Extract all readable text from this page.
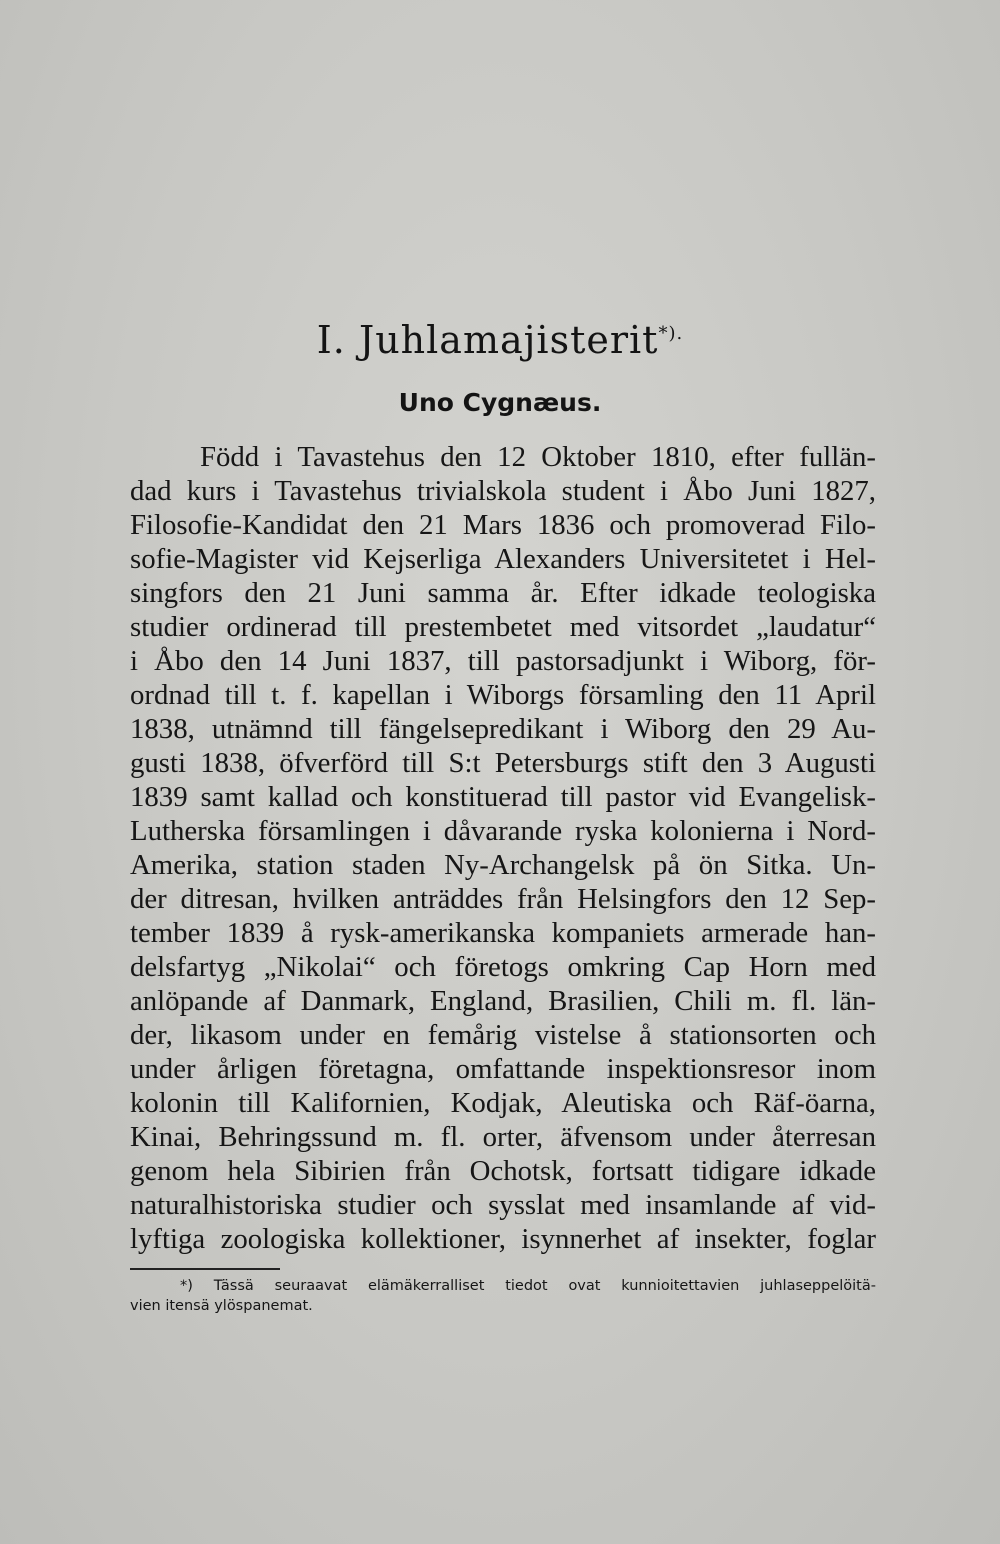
I. Juhlamajisterit*).
Uno Cygnæus.
Född i Tavastehus den 12 Oktober 1810, efter fullän-
dad kurs i Tavastehus trivialskola student i Åbo Juni 1827,
Filosofie-Kandidat den 21 Mars 1836 och promoverad Filo-
sofie-Magister vid Kejserliga Alexanders Universitetet i Hel-
singfors den 21 Juni samma år. Efter idkade teologiska
studier ordinerad till prestembetet med vitsordet „laudatur“
i Åbo den 14 Juni 1837, till pastorsadjunkt i Wiborg, för-
ordnad till t. f. kapellan i Wiborgs församling den 11 April
1838, utnämnd till fängelsepredikant i Wiborg den 29 Au-
gusti 1838, öfverförd till S:t Petersburgs stift den 3 Augusti
1839 samt kallad och konstituerad till pastor vid Evangelisk-
Lutherska församlingen i dåvarande ryska kolonierna i Nord-
Amerika, station staden Ny-Archangelsk på ön Sitka. Un-
der ditresan, hvilken anträddes från Helsingfors den 12 Sep-
tember 1839 å rysk-amerikanska kompaniets armerade han-
delsfartyg „Nikolai“ och företogs omkring Cap Horn med
anlöpande af Danmark, England, Brasilien, Chili m. fl. län-
der, likasom under en femårig vistelse å stationsorten och
under årligen företagna, omfattande inspektionsresor inom
kolonin till Kalifornien, Kodjak, Aleutiska och Räf-öarna,
Kinai, Behringssund m. fl. orter, äfvensom under återresan
genom hela Sibirien från Ochotsk, fortsatt tidigare idkade
naturalhistoriska studier och sysslat med insamlande af vid-
lyftiga zoologiska kollektioner, isynnerhet af insekter, foglar
*) Tässä seuraavat elämäkerralliset tiedot ovat kunnioitettavien juhlaseppelöitä-
vien itensä ylöspanemat.
